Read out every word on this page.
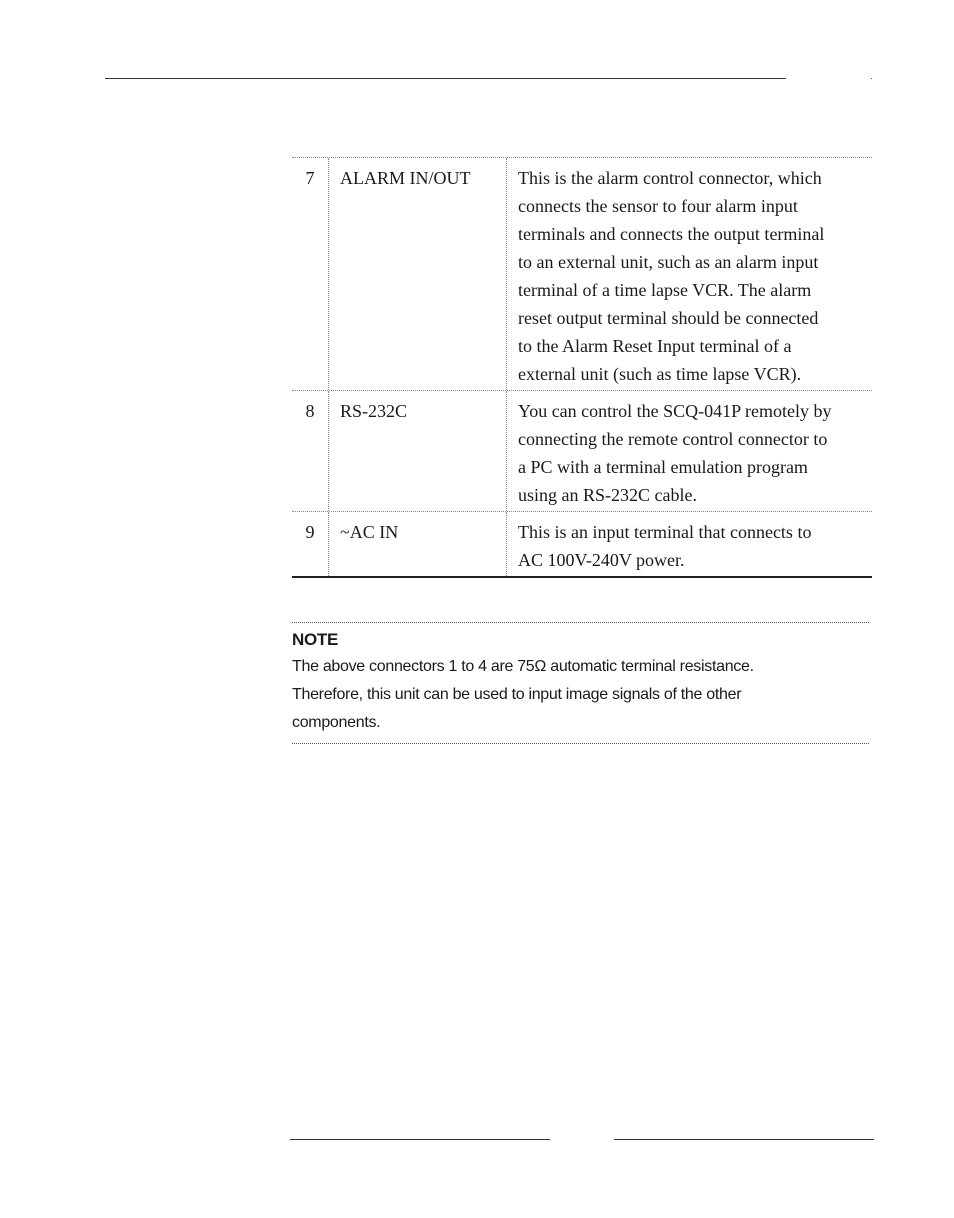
7	ALARM IN/OUT	This is the alarm control connector, which
connects the sensor to four alarm input
terminals and connects the output terminal
to an external unit, such as an alarm input
terminal of a time lapse VCR. The alarm
reset output terminal should be connected
to the Alarm Reset Input terminal of a
external unit (such as time lapse VCR).
8	RS-232C	You can control the SCQ-041P remotely by
connecting the remote control connector to
a PC with a terminal emulation program
using an RS-232C cable.
9	~AC IN	This is an input terminal that connects to
AC 100V-240V power.
NOTE
The above connectors 1 to 4 are 75Ω automatic terminal resistance.
Therefore, this unit can be used to input image signals of the other
components.
